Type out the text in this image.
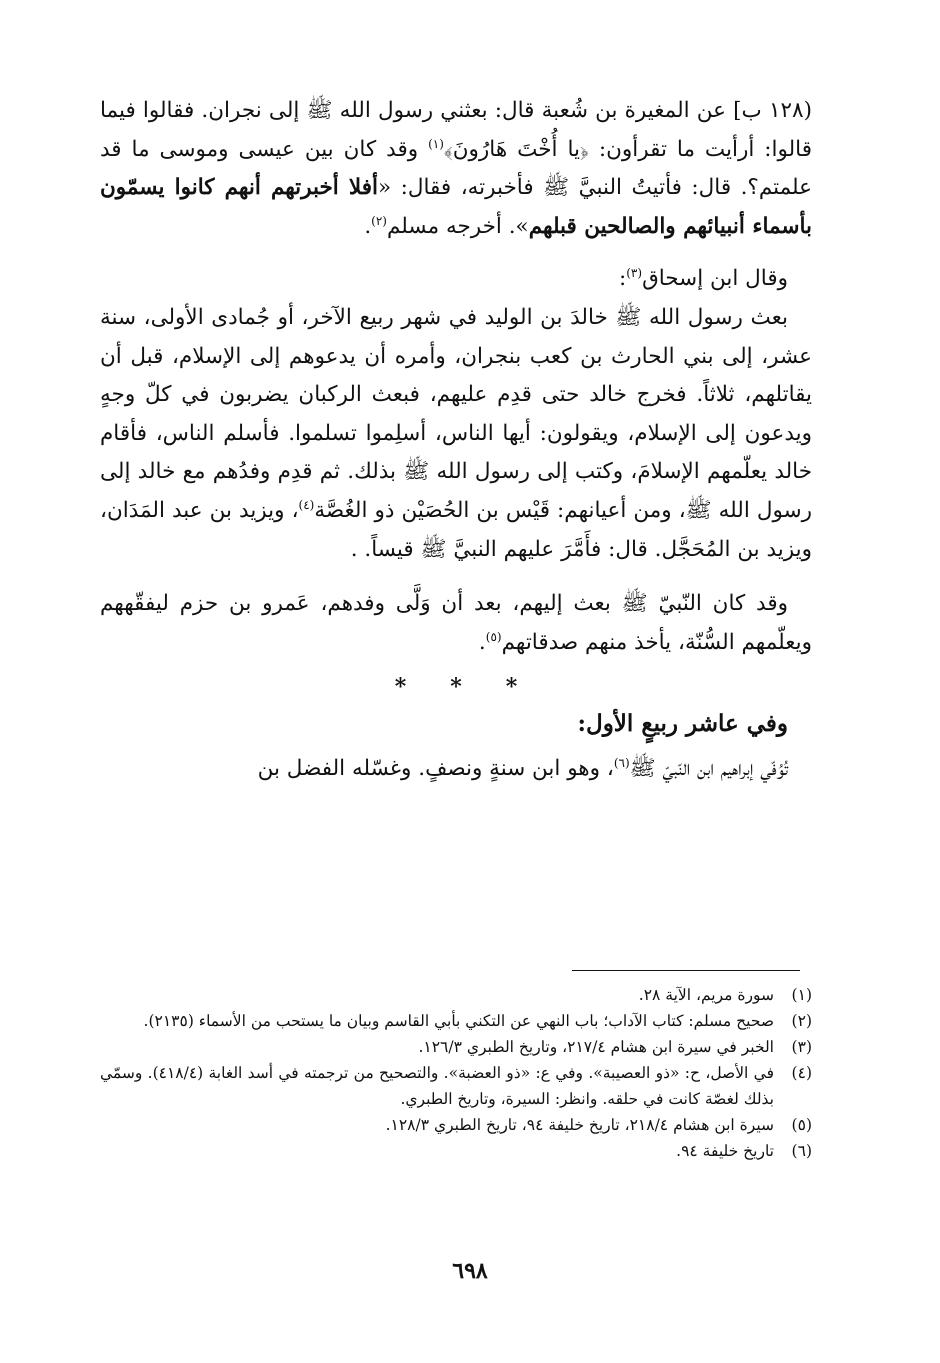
(١٢٨ ب] عن المغيرة بن شُعبة قال: بعثني رسول الله ﷺ إلى نجران. فقالوا فيما قالوا: أرأيت ما تقرأون: ﴿يا أُخْتَ هَارُونَ﴾$^{(١)}$ وقد كان بين عيسى وموسى ما قد علمتم؟. قال: فأتيتُ النبيَّ ﷺ فأخبرته، فقال: «أفلا أخبرتهم أنهم كانوا يسمّون بأسماء أنبيائهم والصالحين قبلهم». أخرجه مسلم$^{(٢)}$.

وقال ابن إسحاق$^{(٣)}$:

بعث رسول الله ﷺ خالدَ بن الوليد في شهر ربيع الآخر، أو جُمادى الأولى، سنة عشر، إلى بني الحارث بن كعب بنجران، وأمره أن يدعوهم إلى الإسلام، قبل أن يقاتلهم، ثلاثاً. فخرج خالد حتى قدِم عليهم، فبعث الركبان يضربون في كلّ وجهٍ ويدعون إلى الإسلام، ويقولون: أيها الناس، أسلِموا تسلموا. فأسلم الناس، فأقام خالد يعلّمهم الإسلامَ، وكتب إلى رسول الله ﷺ بذلك. ثم قدِم وفدُهم مع خالد إلى رسول الله ﷺ، ومن أعيانهم: قَيْس بن الحُصَيْن ذو الغُصَّة$^{(٤)}$، ويزيد بن عبد المَدَان، ويزيد بن المُحَجَّل. قال: فأَمَّرَ عليهم النبيَّ ﷺ قيساً. .

وقد كان النّبيّ ﷺ بعث إليهم، بعد أن وَلَّى وفدهم، عَمرو بن حزم ليفقّههم ويعلّمهم السُّنّة، يأخذ منهم صدقاتهم$^{(٥)}$.

***
وفي عاشر ربيعٍ الأول:

تُوُفّي إبراهيم ابن النّبيّ ﷺ$^{(٦)}$، وهو ابن سنةٍ ونصفٍ. وغسّله الفضل بن

(١)
سورة مريم، الآية ٢٨.
(٢)
صحيح مسلم: كتاب الآداب؛ باب النهي عن التكني بأبي القاسم وبيان ما يستحب من الأسماء (٢١٣٥).
(٣)
الخبر في سيرة ابن هشام ٢١٧/٤، وتاريخ الطبري ١٢٦/٣.
(٤)
في الأصل، ح: «ذو العصيبة». وفي ع: «ذو العضبة». والتصحيح من ترجمته في أسد الغابة (٤١٨/٤). وسمّي بذلك لغصّة كانت في حلقه. وانظر: السيرة، وتاريخ الطبري.
(٥)
سيرة ابن هشام ٢١٨/٤، تاريخ خليفة ٩٤، تاريخ الطبري ١٢٨/٣.
(٦)
تاريخ خليفة ٩٤.
٦٩٨
